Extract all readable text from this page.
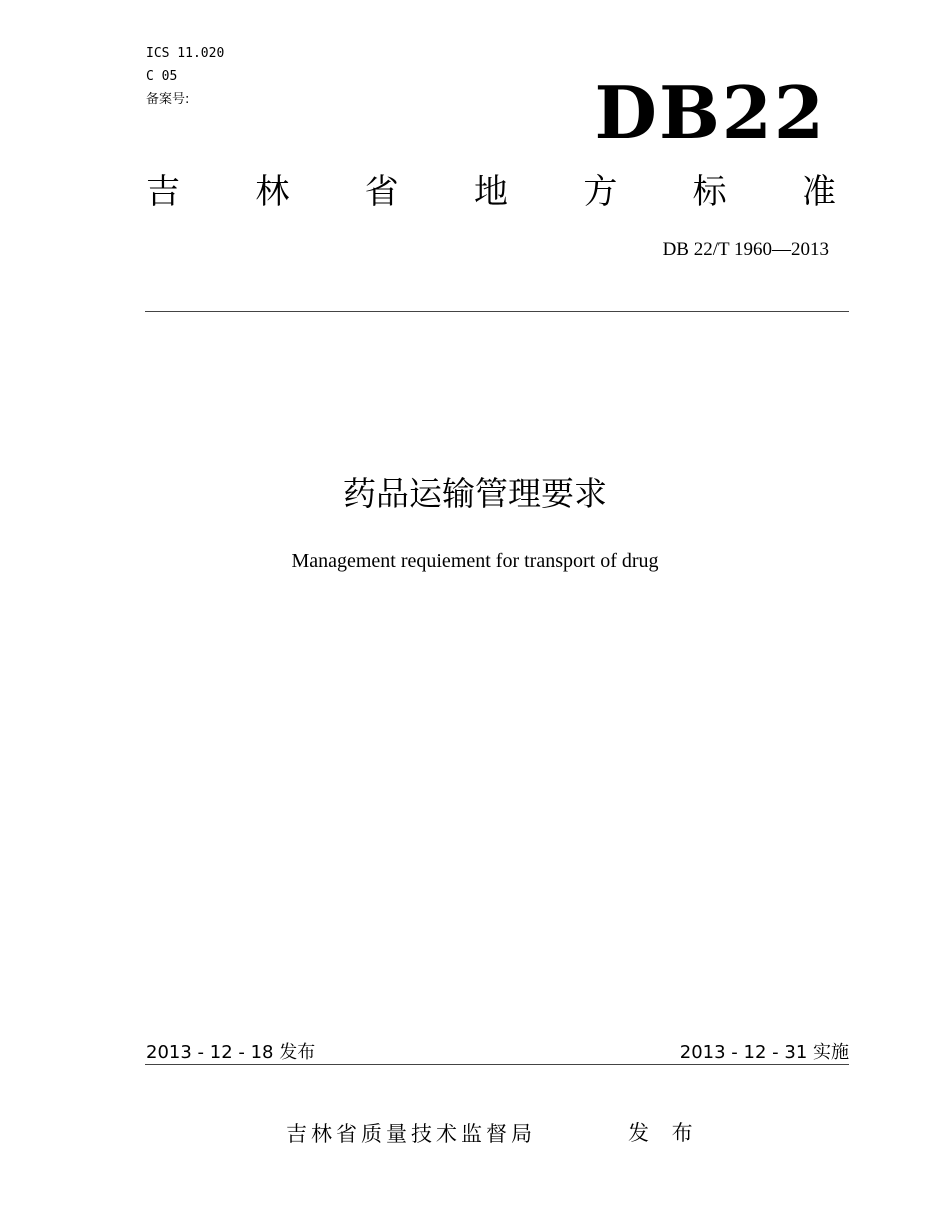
ICS 11.020
C 05
备案号:	DB22
吉 林 省 地 方 标 准
DB 22/T 1960—2013
药品运输管理要求
Management requiement for transport of drug
2013 - 12 - 18 发布	2013 - 12 - 31 实施
吉林省质量技术监督局	发 布
